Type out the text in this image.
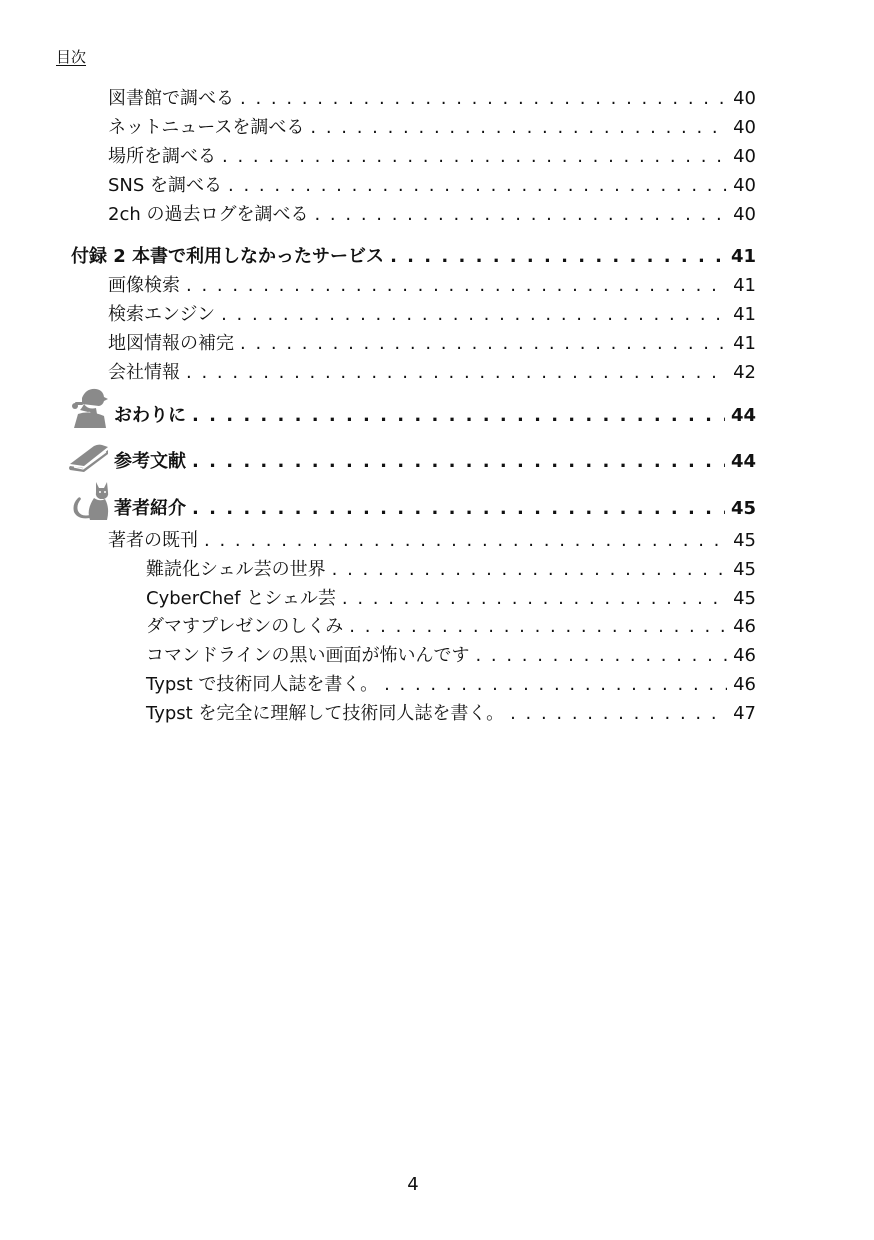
目次
図書館で調べる . . .	40
ネットニュースを調べる . . .	40
場所を調べる . . .	40
SNS を調べる . . .	40
2ch の過去ログを調べる . . .	40
付録 2 本書で利用しなかったサービス . . .	41
画像検索 . . .	41
検索エンジン . . .	41
地図情報の補完 . . .	41
会社情報 . . .	42
おわりに . . .	44
参考文献 . . .	44
著者紹介 . . .	45
著者の既刊 . . .	45
難読化シェル芸の世界 . . .	45
CyberChef とシェル芸 . . .	45
ダマすプレゼンのしくみ . . .	46
コマンドラインの黒い画面が怖いんです . . .	46
Typst で技術同人誌を書く。 . . .	46
Typst を完全に理解して技術同人誌を書く。 . . .	47
4
